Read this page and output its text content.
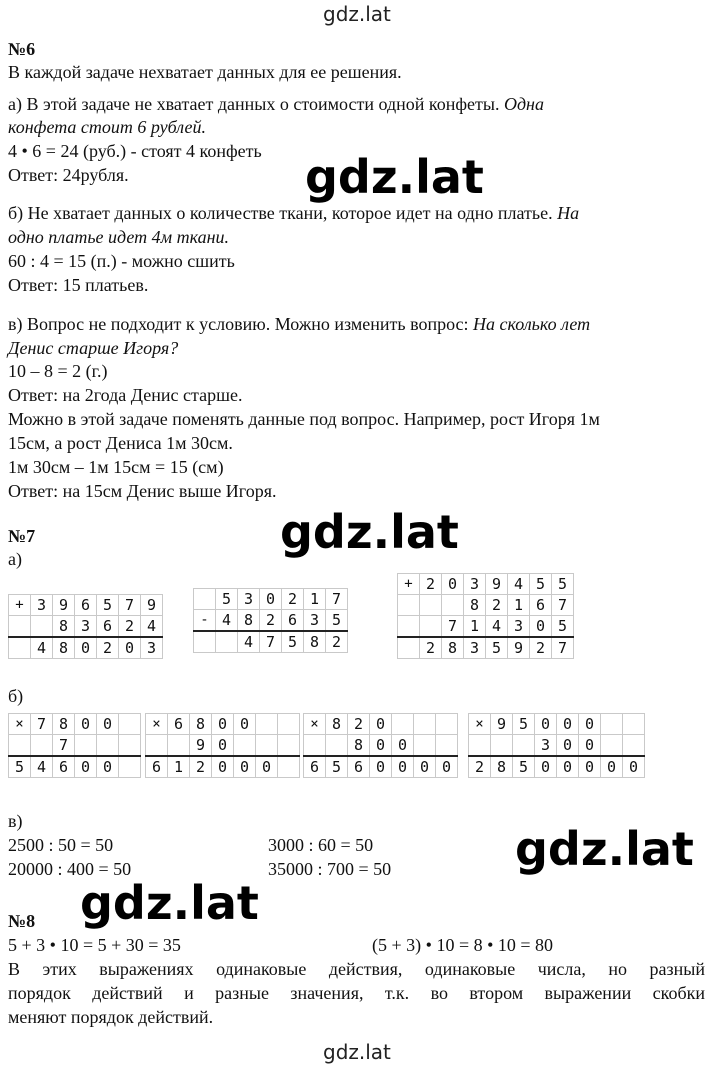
gdz.lat
gdz.lat
gdz.lat
gdz.lat
gdz.lat
gdz.lat
№6
В каждой задаче нехватает данных для ее решения.
а) В этой задаче не хватает данных о стоимости одной конфеты. Одна
конфета стоит 6 рублей.
4 • 6 = 24 (руб.) - стоят 4 конфеть
Ответ: 24рубля.
б) Не хватает данных о количестве ткани, которое идет на одно платье. На
одно платье идет 4м ткани.
60 : 4 = 15 (п.) - можно сшить
Ответ: 15 платьев.
в) Вопрос не подходит к условию. Можно изменить вопрос: На сколько лет
Денис старше Игоря?
10 – 8 = 2 (г.)
Ответ: на 2года Денис старше.
Можно в этой задаче поменять данные под вопрос. Например, рост Игоря 1м
15см, а рост Дениса 1м 30см.
1м 30см – 1м 15см = 15 (см)
Ответ: на 15см Денис выше Игоря.
№7
а)
+	3	9	6	5	7	9
		8	3	6	2	4
	4	8	0	2	0	3
	5	3	0	2	1	7
-	4	8	2	6	3	5
		4	7	5	8	2
+	2	0	3	9	4	5	5
			8	2	1	6	7
		7	1	4	3	0	5
	2	8	3	5	9	2	7
б)
×	7	8	0	0	
		7			
5	4	6	0	0	
×	6	8	0	0		
		9	0			
6	1	2	0	0	0	
×	8	2	0			
		8	0	0		
6	5	6	0	0	0	0
×	9	5	0	0	0		
			3	0	0		
2	8	5	0	0	0	0	0
в)
2500 : 50 = 50	3000 : 60 = 50
20000 : 400 = 50	35000 : 700 = 50
№8
5 + 3 • 10 = 5 + 30 = 35	(5 + 3) • 10 = 8 • 10 = 80
В этих выражениях одинаковые действия, одинаковые числа, но разный
порядок действий и разные значения, т.к. во втором выражении скобки
меняют порядок действий.
